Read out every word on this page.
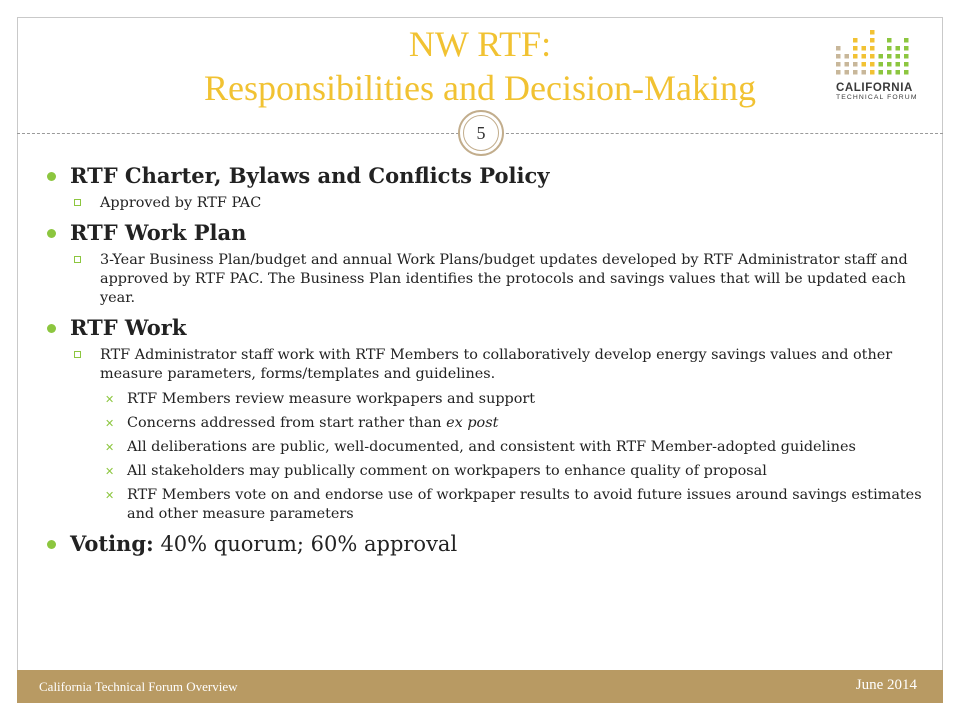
NW RTF:
Responsibilities and Decision-Making	CALIFORNIA
TECHNICAL FORUM
5
RTF Charter, Bylaws and Conflicts Policy
Approved by RTF PAC
RTF Work Plan
3-Year Business Plan/budget and annual Work Plans/budget updates developed by RTF Administrator staff and approved by RTF PAC. The Business Plan identifies the protocols and savings values that will be updated each year.
RTF Work
RTF Administrator staff work with RTF Members to collaboratively develop energy savings values and other measure parameters, forms/templates and guidelines.
✕ RTF Members review measure workpapers and support
✕ Concerns addressed from start rather than ex post
✕ All deliberations are public, well-documented, and consistent with RTF Member-adopted guidelines
✕ All stakeholders may publically comment on workpapers to enhance quality of proposal
✕ RTF Members vote on and endorse use of workpaper results to avoid future issues around savings estimates and other measure parameters
Voting: 40% quorum; 60% approval
California Technical Forum Overview	June 2014
